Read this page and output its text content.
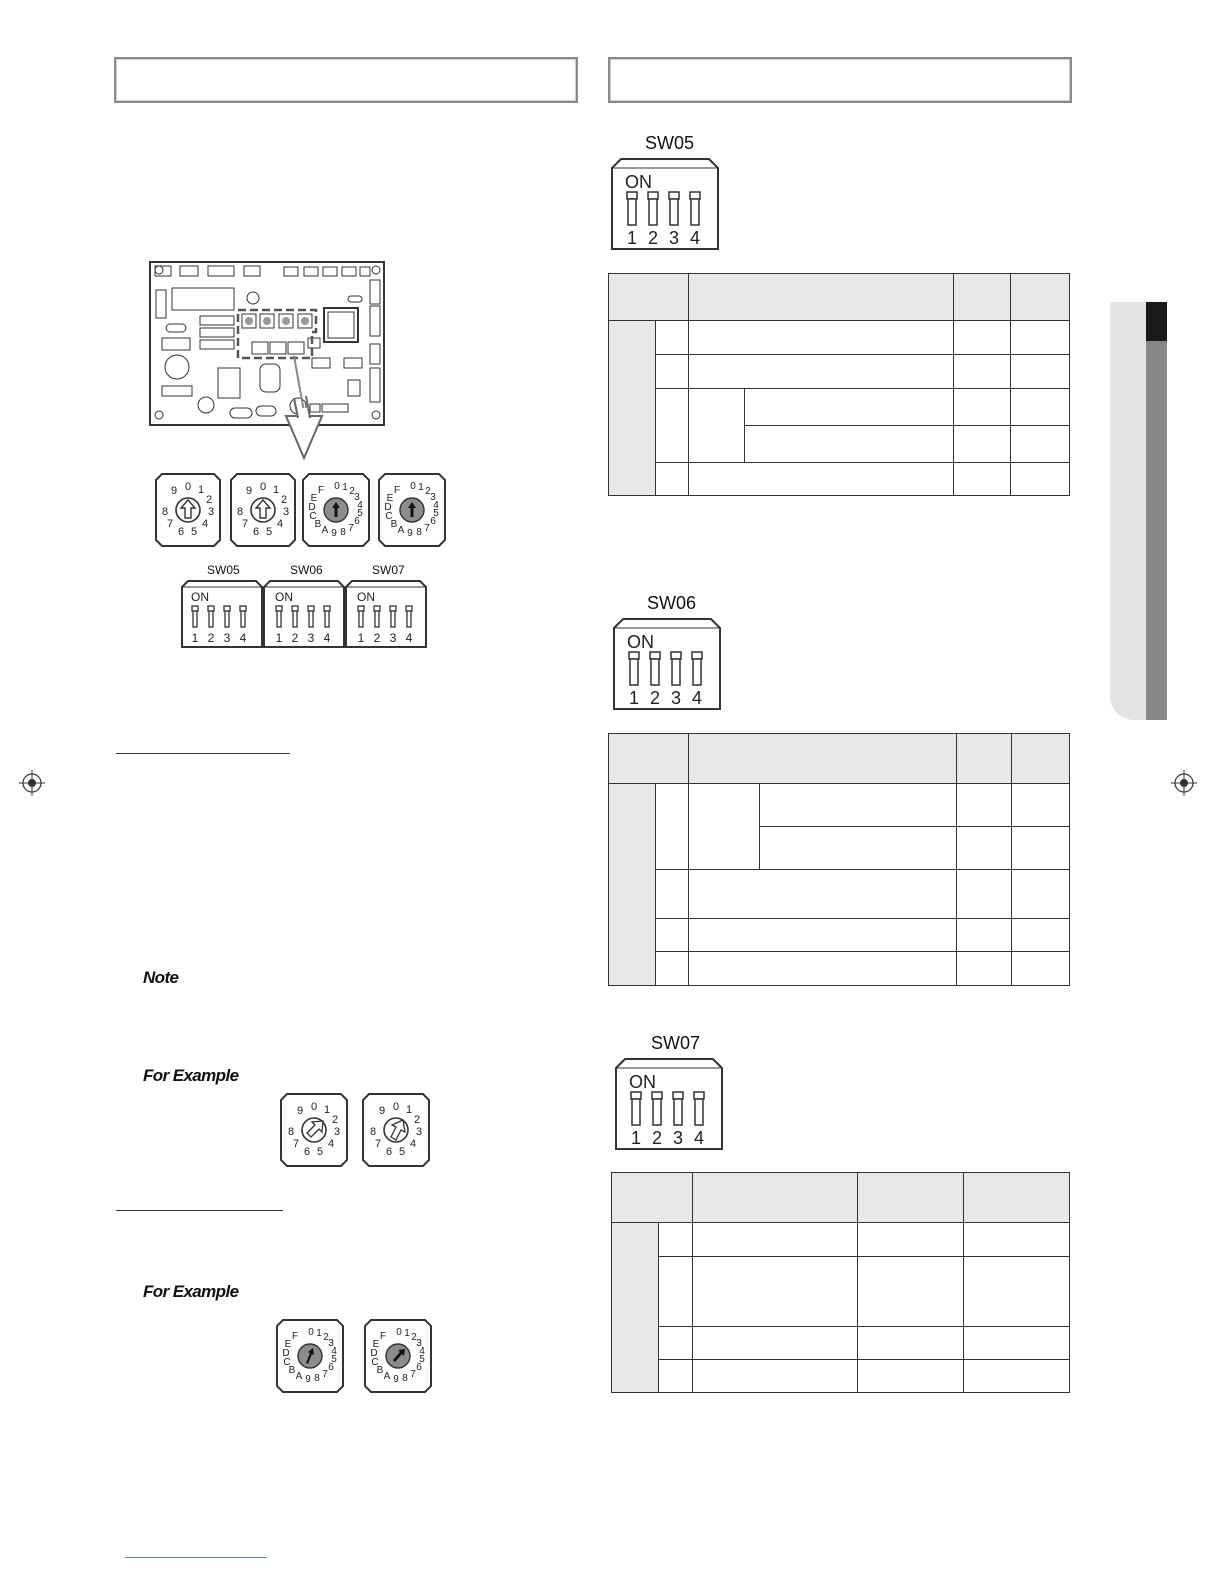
0 1
2
3
4
5
6
7
8
9	0 1
2
3
4
5
6
7
8
9	0 1 2
3
4
5
6
7
8
9
A
B
C
D
E
F	0 1 2
3
4
5
6
7
8
9
A
B
C
D
E
F
SW05	SW06	SW07
ON
1 2 3 4
ON
1 2 3 4
ON
1 2 3 4
Note
For Example
For Example
0 1
2
3
4
5
6
7
8
9	0 1
2
3
4
5
6
7
8
9
0 1 2
3
4
5
6
7
8
9
A
B
C
D
E
F	0 1 2
3
4
5
6
7
8
9
A
B
C
D
E
F
SW05
ON
1 2 3 4

SW06
ON
1 2 3 4

SW07
ON
1 2 3 4
